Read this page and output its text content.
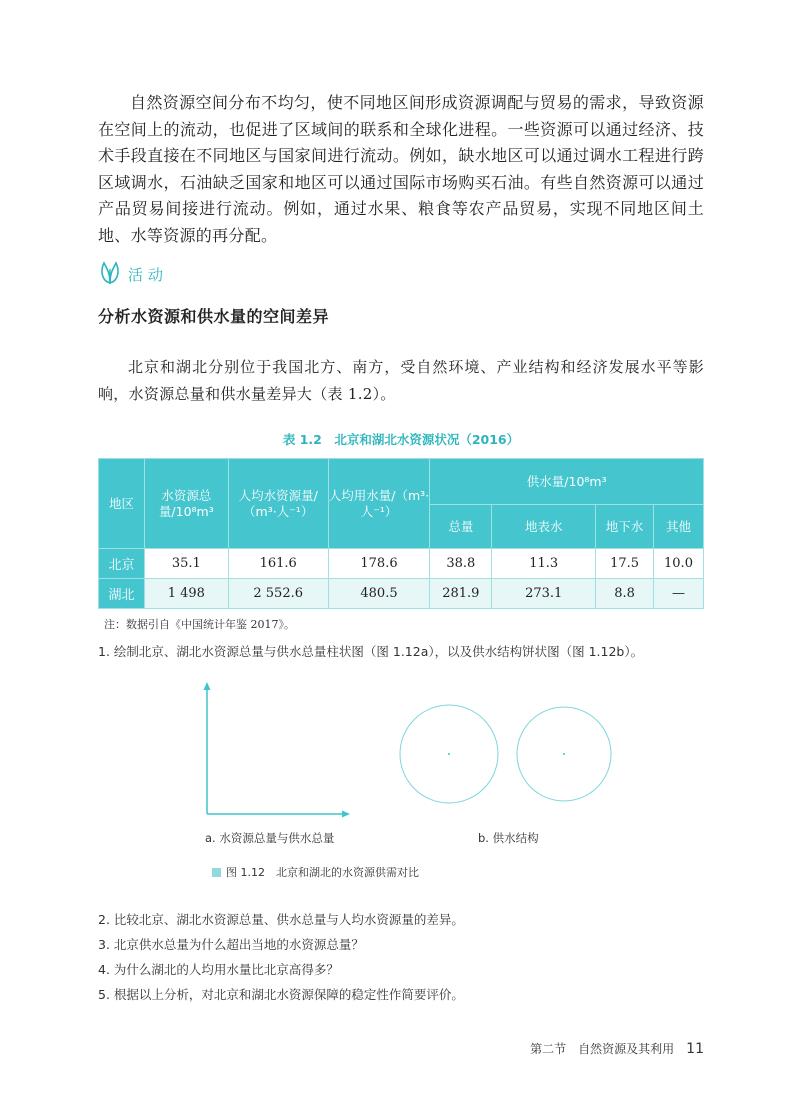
自然资源空间分布不均匀，使不同地区间形成资源调配与贸易的需求，导致资源在空间上的流动，也促进了区域间的联系和全球化进程。一些资源可以通过经济、技术手段直接在不同地区与国家间进行流动。例如，缺水地区可以通过调水工程进行跨区域调水，石油缺乏国家和地区可以通过国际市场购买石油。有些自然资源可以通过产品贸易间接进行流动。例如，通过水果、粮食等农产品贸易，实现不同地区间土地、水等资源的再分配。

活动
分析水资源和供水量的空间差异

北京和湖北分别位于我国北方、南方，受自然环境、产业结构和经济发展水平等影响，水资源总量和供水量差异大（表 1.2）。

表 1.2　北京和湖北水资源状况（2016）
地区	水资源总量/10⁸m³	人均水资源量/（m³·人⁻¹）	人均用水量/（m³·人⁻¹）	供水量/10⁸m³			
				总量	地表水	地下水	其他
北京	35.1	161.6	178.6	38.8	11.3	17.5	10.0
湖北	1 498	2 552.6	480.5	281.9	273.1	8.8	—
注：数据引自《中国统计年鉴 2017》。
1. 绘制北京、湖北水资源总量与供水总量柱状图（图 1.12a），以及供水结构饼状图（图 1.12b）。
a. 水资源总量与供水总量	b. 供水结构
图 1.12　北京和湖北的水资源供需对比
2. 比较北京、湖北水资源总量、供水总量与人均水资源量的差异。
3. 北京供水总量为什么超出当地的水资源总量？
4. 为什么湖北的人均用水量比北京高得多？
5. 根据以上分析，对北京和湖北水资源保障的稳定性作简要评价。
第二节　自然资源及其利用 11
